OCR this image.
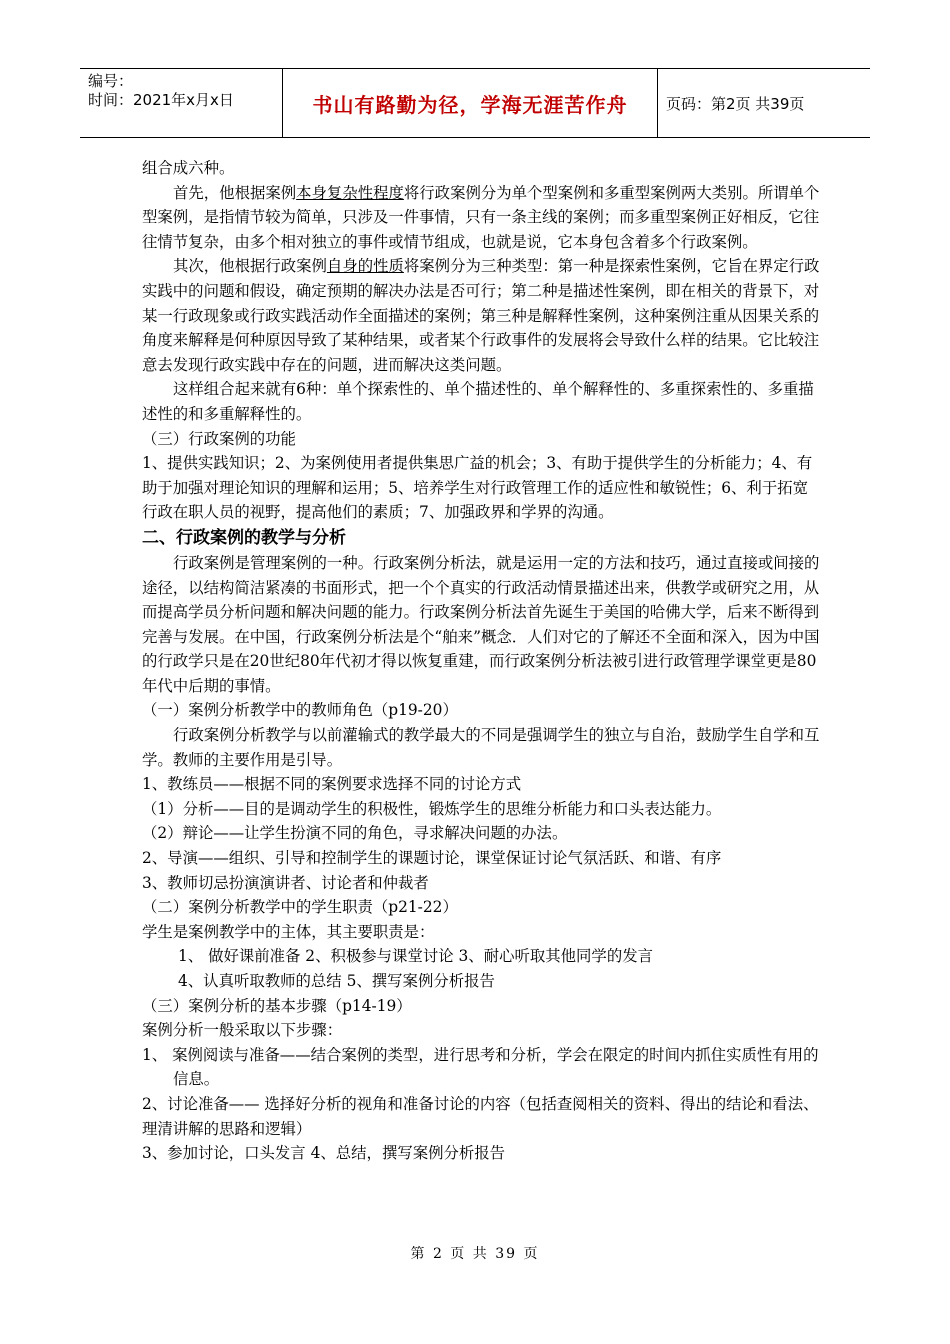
编号：
时间：2021年x月x日	书山有路勤为径，学海无涯苦作舟	页码：第2页 共39页

组合成六种。

首先，他根据案例本身复杂性程度将行政案例分为单个型案例和多重型案例两大类别。所谓单个型案例，是指情节较为简单，只涉及一件事情，只有一条主线的案例；而多重型案例正好相反，它往往情节复杂，由多个相对独立的事件或情节组成，也就是说，它本身包含着多个行政案例。

其次，他根据行政案例自身的性质将案例分为三种类型：第一种是探索性案例，它旨在界定行政实践中的问题和假设，确定预期的解决办法是否可行；第二种是描述性案例，即在相关的背景下，对某一行政现象或行政实践活动作全面描述的案例；第三种是解释性案例，这种案例注重从因果关系的角度来解释是何种原因导致了某种结果，或者某个行政事件的发展将会导致什么样的结果。它比较注意去发现行政实践中存在的问题，进而解决这类问题。

这样组合起来就有6种：单个探索性的、单个描述性的、单个解释性的、多重探索性的、多重描述性的和多重解释性的。

（三）行政案例的功能

1、提供实践知识；2、为案例使用者提供集思广益的机会；3、有助于提供学生的分析能力；4、有助于加强对理论知识的理解和运用；5、培养学生对行政管理工作的适应性和敏锐性；6、利于拓宽行政在职人员的视野，提高他们的素质；7、加强政界和学界的沟通。

二、行政案例的教学与分析

行政案例是管理案例的一种。行政案例分析法，就是运用一定的方法和技巧，通过直接或间接的途径，以结构简洁紧凑的书面形式，把一个个真实的行政活动情景描述出来，供教学或研究之用，从而提高学员分析问题和解决问题的能力。行政案例分析法首先诞生于美国的哈佛大学，后来不断得到完善与发展。在中国，行政案例分析法是个“舶来”概念．人们对它的了解还不全面和深入，因为中国的行政学只是在20世纪80年代初才得以恢复重建，而行政案例分析法被引进行政管理学课堂更是80年代中后期的事情。

（一）案例分析教学中的教师角色（p19-20）

行政案例分析教学与以前灌输式的教学最大的不同是强调学生的独立与自治，鼓励学生自学和互学。教师的主要作用是引导。

1、教练员——根据不同的案例要求选择不同的讨论方式

（1）分析——目的是调动学生的积极性，锻炼学生的思维分析能力和口头表达能力。

（2）辩论——让学生扮演不同的角色，寻求解决问题的办法。

2、导演——组织、引导和控制学生的课题讨论，课堂保证讨论气氛活跃、和谐、有序

3、教师切忌扮演演讲者、讨论者和仲裁者

（二）案例分析教学中的学生职责（p21-22）

学生是案例教学中的主体，其主要职责是：

1、 做好课前准备 2、积极参与课堂讨论 3、耐心听取其他同学的发言

4、认真听取教师的总结 5、撰写案例分析报告

（三）案例分析的基本步骤（p14-19）

案例分析一般采取以下步骤：

1、 案例阅读与准备——结合案例的类型，进行思考和分析，学会在限定的时间内抓住实质性有用的信息。

2、讨论准备—— 选择好分析的视角和准备讨论的内容（包括查阅相关的资料、得出的结论和看法、理清讲解的思路和逻辑）

3、参加讨论，口头发言 4、总结，撰写案例分析报告

第 2 页 共 39 页
